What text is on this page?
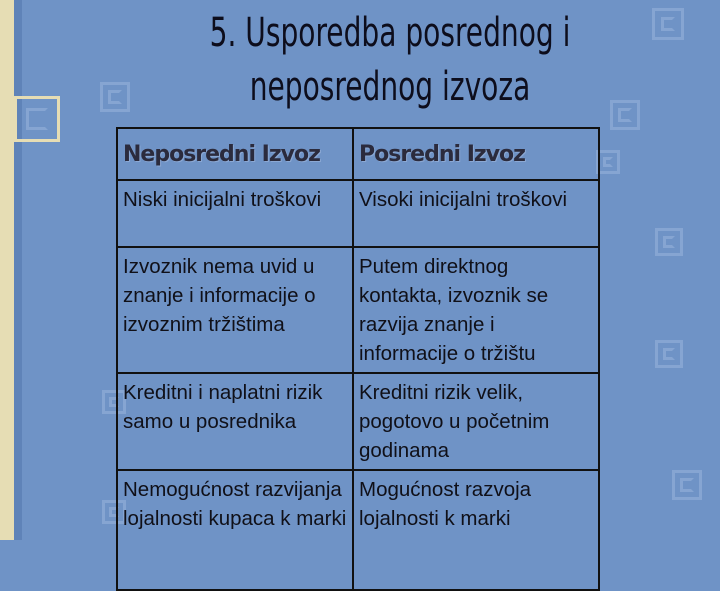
5. Usporedba posrednog i
neposrednog izvoza
Neposredni Izvoz	Posredni Izvoz
Niski inicijalni troškovi	Visoki inicijalni troškovi
Izvoznik nema uvid u znanje i informacije o izvoznim tržištima	Putem direktnog kontakta, izvoznik se razvija znanje i informacije o tržištu
Kreditni i naplatni rizik samo u posrednika	Kreditni rizik velik, pogotovo u početnim godinama
Nemogućnost razvijanja lojalnosti kupaca k marki	Mogućnost razvoja lojalnosti k marki
